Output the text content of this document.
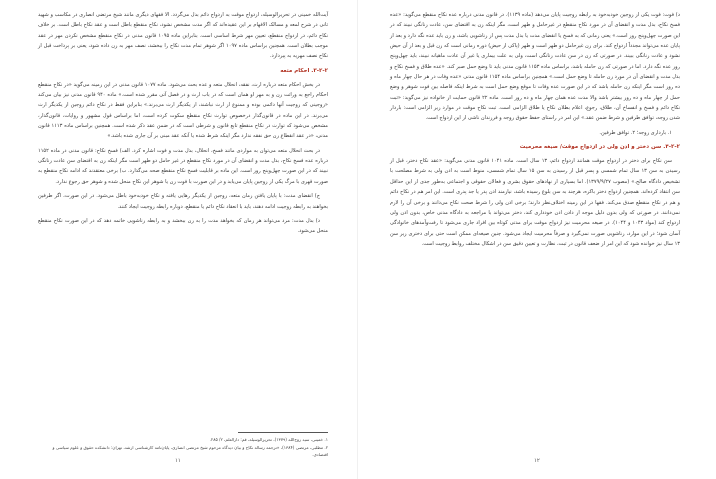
آیت‌الله خمینی در تحریرالوسیله، ازدواج موقت به ازدواج دائم بدل می‌گردد. الا فقهای دیگری مانند شیخ مرتضی انصاری در مکاسب و شهید ثانی در شرح لمعه و مسالک الافهام بر این عقیده‌اند که اگر مدت مشخص نشود، نکاح منقطع باطل است و عقد نکاح باطل است. بر خلاف نکاح دائم، در ازدواج منقطع، تعیین مهر شرط اساسی است. بنابراین ماده ۱۰۹۵ قانون مدنی در نکاح منقطع مشخص نکردن مهر در عقد موجب بطلان است. همچنین براساس ماده ۱۰۹۷ اگر شوهر تمام مدت نکاح را ببخشد، نصف مهر به زن داده شود، یعنی بر پرداخت قبل از نکاح نصف مهریه به پیردازد.

۳-۲-۲. احکام متعه

در بخش احکام متعه درباره ارث، نفقه، انحلال متعه و عده بحث می‌شود. ماده ۱۰۷۷ قانون مدنی در این زمینه می‌گوید «در نکاح منقطع احکام راجع به وراثت زن و به مهر او همان است که در باب ارث و در فصل آتی مقرر شده است.» ماده ۹۴۰ قانون مدنی نیز بیان می‌کند «زوجینی که زوجیت آنها دائمی بوده و ممنوع از ارث نباشند، از یکدیگر ارث می‌برند.» بنابراین فقط در نکاح دائم زوجین از یکدیگر ارث می‌برند. در این ماده در قانون‌گذار درخصوص توارث نکاح منقطع سکوت کرده است، اما براساس قول مشهور و روایات، قانون‌گذار، مشخص می‌شود که توارث در نکاح منقطع تابع قانون و شرطی است که در ضمن عقد ذکر شده است. همچنین براساس ماده ۱۱۱۳ قانون مدنی، «در عقد انقطاع زن حق نفقه ندارد مگر اینکه شرط شده یا آنکه عقد مبنی بر آن جاری شده باشد.»

در بحث انحلال متعه می‌توان به مواردی مانند فسخ، انحلال، بذل مدت و فوت اشاره کرد. الف) فسخ نکاح: قانون مدنی در ماده ۱۱۵۲ درباره عده فسخ نکاح، بذل مدت و انقضای آن در مورد نکاح منقطع در غیر حامل دو طهر است مگر اینکه زن به اقتضای سن عادت زنانگی نبیند که در این صورت چهل‌وپنج روز است. این ماده بر قابلیت فسخ نکاح منقطع صحه می‌گذارد. ب) برخی معتقدند که ادامه نکاح منقطع به صورت قهری با مرگ یکی از زوجین پایان می‌یابد و در این صورت با فوت زن یا شوهر این نکاح منحل شده و شوهر حق رجوع ندارد.

ج) انقضای مدت: با پایان یافتن زمان متعه، زوجین از یکدیگر رهایی یافته و نکاح خودبه‌خود باطل می‌شود. در این صورت، اگر طرفین بخواهند به رابطه زوجیت ادامه دهند، باید با انعقاد نکاح دائم یا منقطع، دوباره رابطه زوجیت ایجاد کنند.

د) بذل مدت: مرد می‌تواند هر زمان که بخواهد مدت را به زن ببخشد و به رابطه زناشویی خاتمه دهد که در این صورت نکاح منقطع منحل می‌شود.

۱. خمینی، سید روح‌الله (۱۳۷۹)، تحریرالوسیله، قم: دارالعلم، ۲/ ۲۸۵.

۲. مطلبی، مرتضی (۱۳۸۴)، «ترجمه رساله نکاح و بیان دیدگاه مرحوم شیخ مرتضی انصاری، پایان‌نامه کارشناسی ارشد، تهران: دانشکده حقوق و علوم سیاسی و اقتصادی.

۱۱

د) فوت: فوت یکی از زوجین خودبه‌خود به رابطه زوجیت پایان می‌دهد (ماده ۱۱۳۹). در قانون مدنی درباره عده نکاح منقطع می‌گوید: «عده فسخ نکاح، بذل مدت و انقضای آن در مورد نکاح منقطع در غیرحامل و طهر است، مگر اینکه زن به اقتضای سن، عادت زنانگی نبیند که در این صورت چهل‌وپنج روز است.» یعنی زمانی که به فسخ یا انقضای مدت یا بذل مدت پس از زناشویی باشد، و زن باید عده نگه دارد و بعد از پایان عده می‌تواند مجدداً ازدواج کند. برای زن غیرحامل دو طهر است و طهر (پاکی از حیض) دوره زمانی است که زن قبل و بعد از آن حیض نشود و عادت زنانگی ببیند. در صورتی که زن در سن عادت زنانگی است، ولی به علت بیماری یا غیر آن عادت ماهیانه نبیند، باید چهل‌وپنج روز عده نگه دارد. اما در صورتی که زن حامله باشد، براساس ماده ۱۱۵۳ قانون مدنی باید تا وضع حمل صبر کند. «عده طلاق و فسخ نکاح و بذل مدت و انقضای آن در مورد زن حامله تا وضع حمل است.» همچنین براساس ماده ۱۱۵۴ قانون مدنی «عده وفات در هر حال چهار ماه و ده روز است مگر اینکه زن حامله باشد که در این صورت عده وفات تا موقع وضع حمل است به شرط اینکه فاصله بین فوت شوهر و وضع حمل از چهار ماه و ده روز بیشتر باشد والا مدت عده همان چهار ماه و ده روز است. ماده ۲۲ قانون حمایت از خانواده نیز می‌گوید: «ثبت نکاح دائم و فسخ و انفساخ آن، طلاق، رجوع، اعلام بطلان نکاح یا طلاق الزامی است. ثبت نکاح موقت در موارد زیر الزامی است: باردار شدن زوجه، توافق طرفین و شرط ضمن عقد.» این امر در راستای حفظ حقوق زوجه و فرزندان ناشی از این ازدواج است.

۱. بارداری زوجه؛ ۲. توافق طرفین.

۴-۲-۲. سن دختر و اذن ولی در ازدواج موقت/ صیغه محرمیت

سن نکاح برای دختر در ازدواج موقت همانند ازدواج دائم، ۱۳ سال است. ماده ۱۰۴۱ قانون مدنی می‌گوید: «عقد نکاح دختر، قبل از رسیدن به سن ۱۳ سال تمام شمسی و پسر قبل از رسیدن به سن ۱۵ سال تمام شمسی، منوط است به اذن ولی به شرط مصلحت با تشخیص دادگاه صالح.» (مصوب ۱۳۷۹/۹/۲۷). اما بسیاری از نهادهای حقوق بشری و فعالان حقوقی و اجتماعی به‌طور جدی از این حداقل سن انتقاد کرده‌اند. همچنین ازدواج دختر باکره، هرچند به سن بلوغ رسیده باشد، نیازمند اذن پدر یا جد پدری است. این امر هم در نکاح دائم و هم در نکاح منقطع صدق می‌کند. فقها در این زمینه اختلاف‌نظر دارند؛ برخی اذن ولی را شرط صحت نکاح می‌دانند و برخی آن را لازم نمی‌دانند. در صورتی که ولی بدون دلیل موجه از دادن اذن خودداری کند، دختر می‌تواند با مراجعه به دادگاه مدنی خاص، بدون اذن ولی ازدواج کند (مواد ۱۰۴۳ و ۱۰۴۴). در صیغه محرمیت نیز ازدواج موقت برای مدتی کوتاه بین افراد جاری می‌شود تا رفت‌وآمدهای خانوادگی آسان شود؛ در این موارد، زناشویی صورت نمی‌گیرد و صرفاً محرمیت ایجاد می‌شود. چنین صیغه‌ای ممکن است حتی برای دختری زیر سن ۱۳ سال نیز خوانده شود که این امر از ضعف قانون در ثبت، نظارت و تعیین دقیق سن در اشکال مختلف روابط زوجیت است.

۱۲
